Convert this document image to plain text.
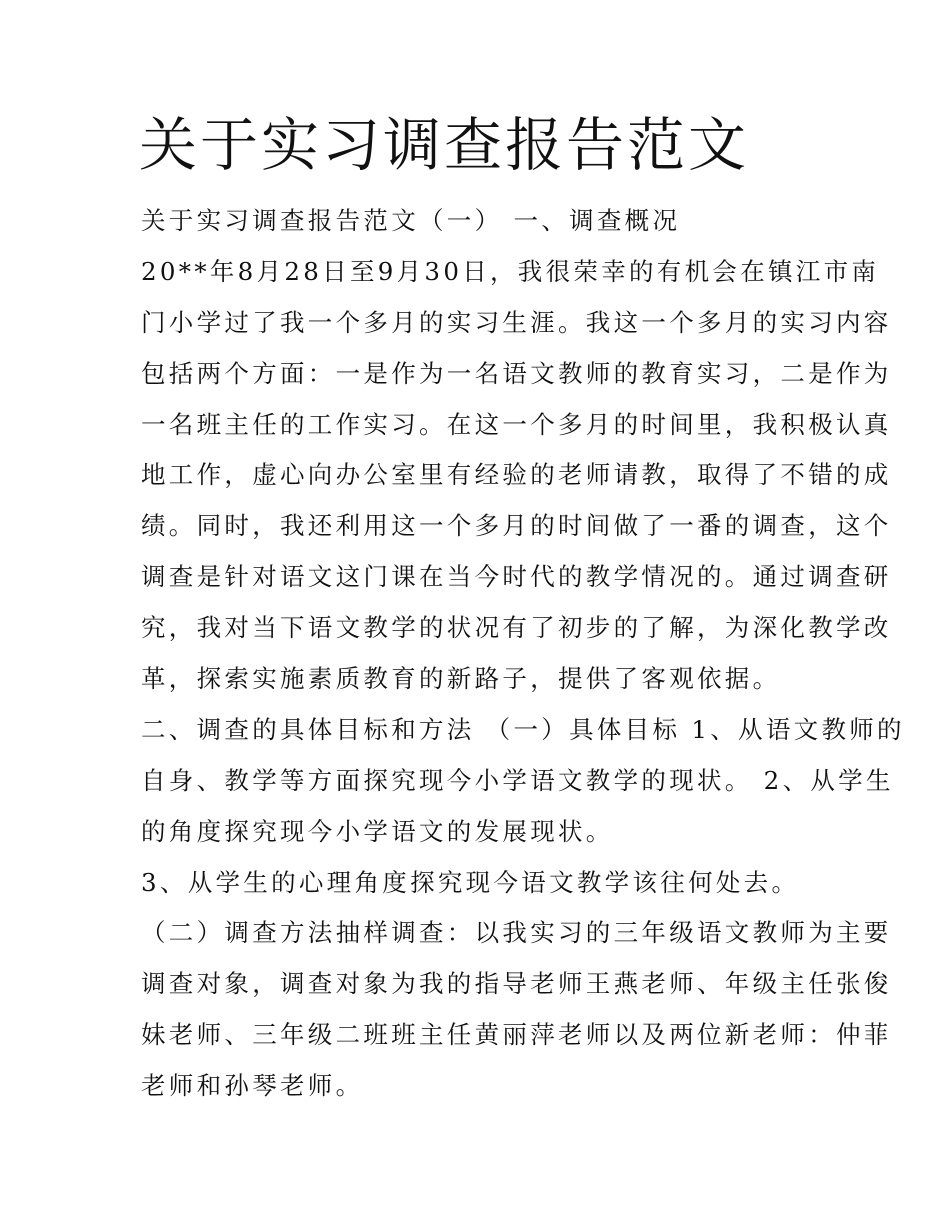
关于实习调查报告范文
关于实习调查报告范文（一） 一、调查概况
20**年8月28日至9月30日，我很荣幸的有机会在镇江市南
门小学过了我一个多月的实习生涯。我这一个多月的实习内容
包括两个方面：一是作为一名语文教师的教育实习，二是作为
一名班主任的工作实习。在这一个多月的时间里，我积极认真
地工作，虚心向办公室里有经验的老师请教，取得了不错的成
绩。同时，我还利用这一个多月的时间做了一番的调查，这个
调查是针对语文这门课在当今时代的教学情况的。通过调查研
究，我对当下语文教学的状况有了初步的了解，为深化教学改
革，探索实施素质教育的新路子，提供了客观依据。
二、调查的具体目标和方法 （一）具体目标 1、从语文教师的
自身、教学等方面探究现今小学语文教学的现状。 2、从学生
的角度探究现今小学语文的发展现状。
3、从学生的心理角度探究现今语文教学该往何处去。
（二）调查方法抽样调查：以我实习的三年级语文教师为主要
调查对象，调查对象为我的指导老师王燕老师、年级主任张俊
妹老师、三年级二班班主任黄丽萍老师以及两位新老师：仲菲
老师和孙琴老师。
